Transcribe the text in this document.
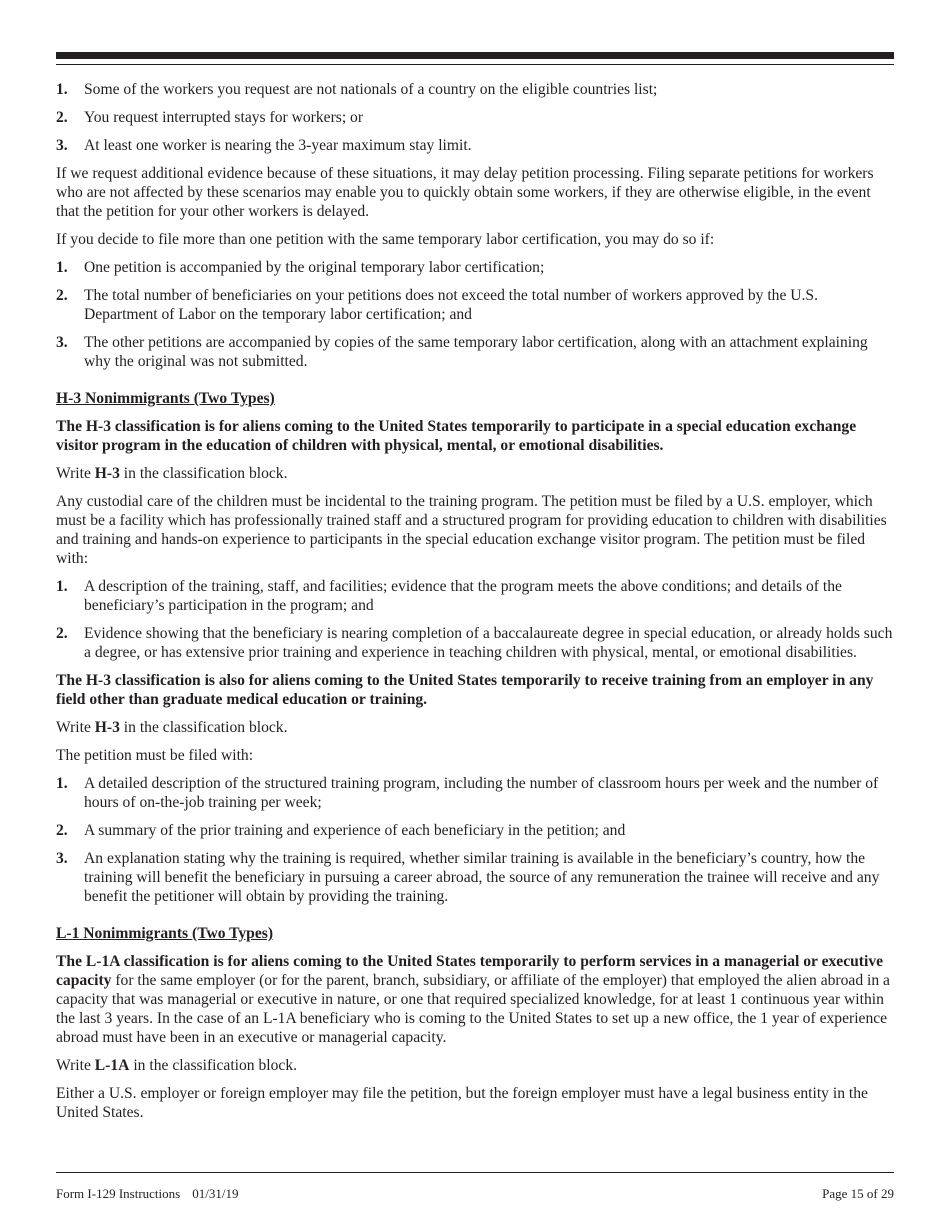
1.	Some of the workers you request are not nationals of a country on the eligible countries list;
2.	You request interrupted stays for workers; or
3.	At least one worker is nearing the 3-year maximum stay limit.

If we request additional evidence because of these situations, it may delay petition processing. Filing separate petitions for workers who are not affected by these scenarios may enable you to quickly obtain some workers, if they are otherwise eligible, in the event that the petition for your other workers is delayed.

If you decide to file more than one petition with the same temporary labor certification, you may do so if:

1.	One petition is accompanied by the original temporary labor certification;
2.	The total number of beneficiaries on your petitions does not exceed the total number of workers approved by the U.S. Department of Labor on the temporary labor certification; and
3.	The other petitions are accompanied by copies of the same temporary labor certification, along with an attachment explaining why the original was not submitted.

H-3 Nonimmigrants (Two Types)

The H-3 classification is for aliens coming to the United States temporarily to participate in a special education exchange visitor program in the education of children with physical, mental, or emotional disabilities.

Write H-3 in the classification block.

Any custodial care of the children must be incidental to the training program. The petition must be filed by a U.S. employer, which must be a facility which has professionally trained staff and a structured program for providing education to children with disabilities and training and hands-on experience to participants in the special education exchange visitor program. The petition must be filed with:

1.	A description of the training, staff, and facilities; evidence that the program meets the above conditions; and details of the beneficiary’s participation in the program; and
2.	Evidence showing that the beneficiary is nearing completion of a baccalaureate degree in special education, or already holds such a degree, or has extensive prior training and experience in teaching children with physical, mental, or emotional disabilities.

The H-3 classification is also for aliens coming to the United States temporarily to receive training from an employer in any field other than graduate medical education or training.

Write H-3 in the classification block.

The petition must be filed with:

1.	A detailed description of the structured training program, including the number of classroom hours per week and the number of hours of on-the-job training per week;
2.	A summary of the prior training and experience of each beneficiary in the petition; and
3.	An explanation stating why the training is required, whether similar training is available in the beneficiary’s country, how the training will benefit the beneficiary in pursuing a career abroad, the source of any remuneration the trainee will receive and any benefit the petitioner will obtain by providing the training.

L-1 Nonimmigrants (Two Types)

The L-1A classification is for aliens coming to the United States temporarily to perform services in a managerial or executive capacity for the same employer (or for the parent, branch, subsidiary, or affiliate of the employer) that employed the alien abroad in a capacity that was managerial or executive in nature, or one that required specialized knowledge, for at least 1 continuous year within the last 3 years. In the case of an L-1A beneficiary who is coming to the United States to set up a new office, the 1 year of experience abroad must have been in an executive or managerial capacity.

Write L-1A in the classification block.

Either a U.S. employer or foreign employer may file the petition, but the foreign employer must have a legal business entity in the United States.

Form I-129 Instructions 01/31/19	Page 15 of 29
